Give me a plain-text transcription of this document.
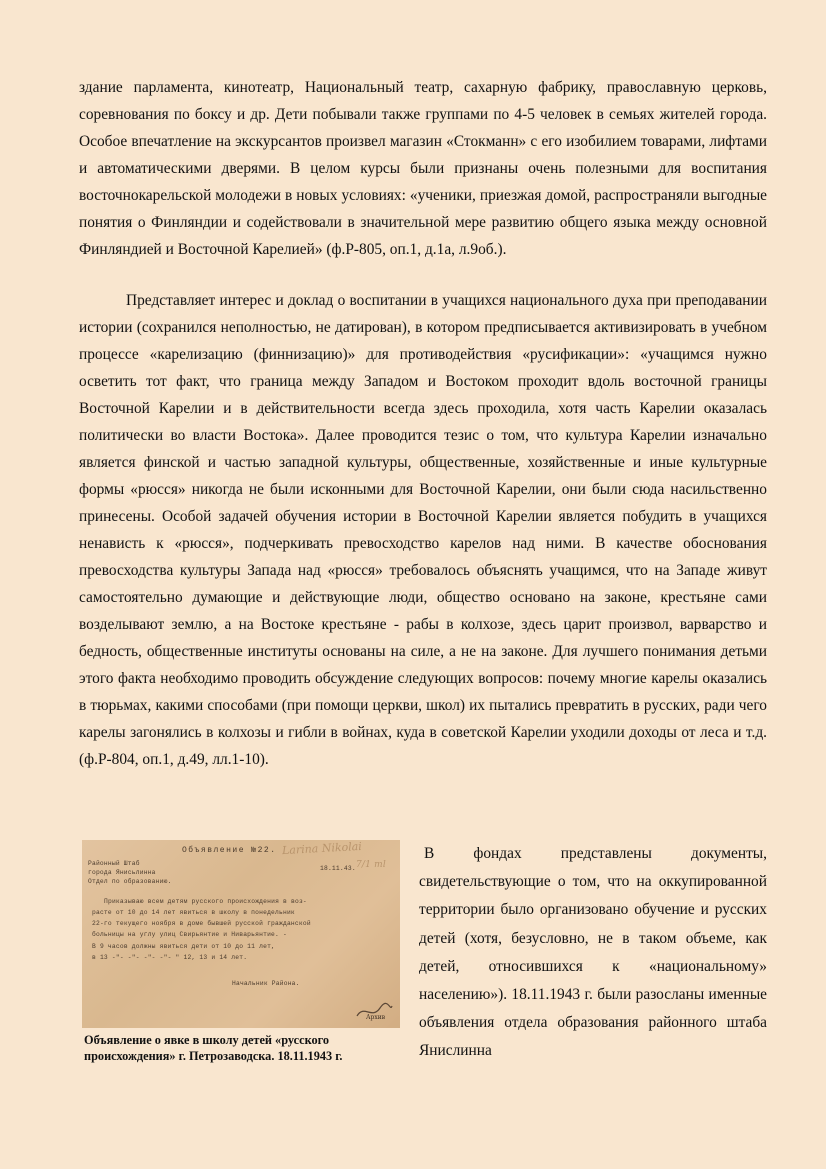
здание парламента, кинотеатр, Национальный театр, сахарную фабрику, православную церковь, соревнования по боксу и др. Дети побывали также группами по 4-5 человек в семьях жителей города. Особое впечатление на экскурсантов произвел магазин «Стокманн» с его изобилием товарами, лифтами и автоматическими дверями. В целом курсы были признаны очень полезными для воспитания восточнокарельской молодежи в новых условиях: «ученики, приезжая домой, распространяли выгодные понятия о Финляндии и содействовали в значительной мере развитию общего языка между основной Финляндией и Восточной Карелией» (ф.Р-805, оп.1, д.1а, л.9об.).

Представляет интерес и доклад о воспитании в учащихся национального духа при преподавании истории (сохранился неполностью, не датирован), в котором предписывается активизировать в учебном процессе «карелизацию (финнизацию)» для противодействия «русификации»: «учащимся нужно осветить тот факт, что граница между Западом и Востоком проходит вдоль восточной границы Восточной Карелии и в действительности всегда здесь проходила, хотя часть Карелии оказалась политически во власти Востока». Далее проводится тезис о том, что культура Карелии изначально является финской и частью западной культуры, общественные, хозяйственные и иные культурные формы «рюсся» никогда не были исконными для Восточной Карелии, они были сюда насильственно принесены. Особой задачей обучения истории в Восточной Карелии является побудить в учащихся ненависть к «рюсся», подчеркивать превосходство карелов над ними. В качестве обоснования превосходства культуры Запада над «рюсся» требовалось объяснять учащимся, что на Западе живут самостоятельно думающие и действующие люди, общество основано на законе, крестьяне сами возделывают землю, а на Востоке крестьяне - рабы в колхозе, здесь царит произвол, варварство и бедность, общественные институты основаны на силе, а не на законе. Для лучшего понимания детьми этого факта необходимо проводить обсуждение следующих вопросов: почему многие карелы оказались в тюрьмах, какими способами (при помощи церкви, школ) их пытались превратить в русских, ради чего карелы загонялись в колхозы и гибли в войнах, куда в советской Карелии уходили доходы от леса и т.д. (ф.Р-804, оп.1, д.49, лл.1-10).

Объявление №22. Larina Nikolai
Районный Штаб
города Янисьлинна
Отдел по образованию.
18.11.43. 7/1 ml
Приказываю всем детям русского происхождения в воз-
расте от 10 до 14 лет явиться в школу в понедельник
22-го текущего ноября в доме бывшей русской гражданской
больницы на углу улиц Свирьянтие и Ниварьянтие. -
В 9 часов должны явиться дети от 10 до 11 лет,
в 13 -"- -"- -"- -"- " 12, 13 и 14 лет.
Начальник Района.
Архив

Объявление о явке в школу детей «русского происхождения» г. Петрозаводска. 18.11.1943 г.

В фондах представлены документы, свидетельствующие о том, что на оккупированной территории было организовано обучение и русских детей (хотя, безусловно, не в таком объеме, как детей, относившихся к «национальному» населению»). 18.11.1943 г. были разосланы именные объявления отдела образования районного штаба Янислинна
